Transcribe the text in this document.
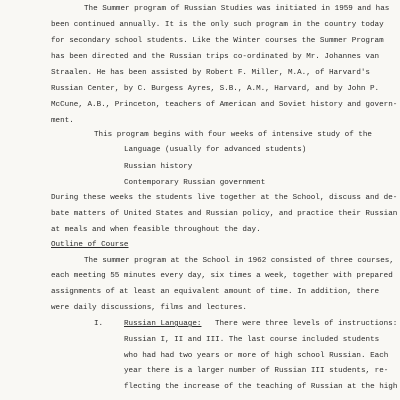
The Summer program of Russian Studies was initiated in 1959 and has
been continued annually. It is the only such program in the country today
for secondary school students. Like the Winter courses the Summer Program
has been directed and the Russian trips co-ordinated by Mr. Johannes van
Straalen. He has been assisted by Robert F. Miller, M.A., of Harvard's
Russian Center, by C. Burgess Ayres, S.B., A.M., Harvard, and by John P.
McCune, A.B., Princeton, teachers of American and Soviet history and govern-
ment.
This program begins with four weeks of intensive study of the
Language (usually for advanced students)
Russian history
Contemporary Russian government
During these weeks the students live together at the School, discuss and de-
bate matters of United States and Russian policy, and practice their Russian
at meals and when feasible throughout the day.
Outline of Course
The summer program at the School in 1962 consisted of three courses,
each meeting 55 minutes every day, six times a week, together with prepared
assignments of at least an equivalent amount of time. In addition, there
were daily discussions, films and lectures.
I.	Russian Language: There were three levels of instructions:
Russian I, II and III. The last course included students
who had had two years or more of high school Russian. Each
year there is a larger number of Russian III students, re-
flecting the increase of the teaching of Russian at the high
